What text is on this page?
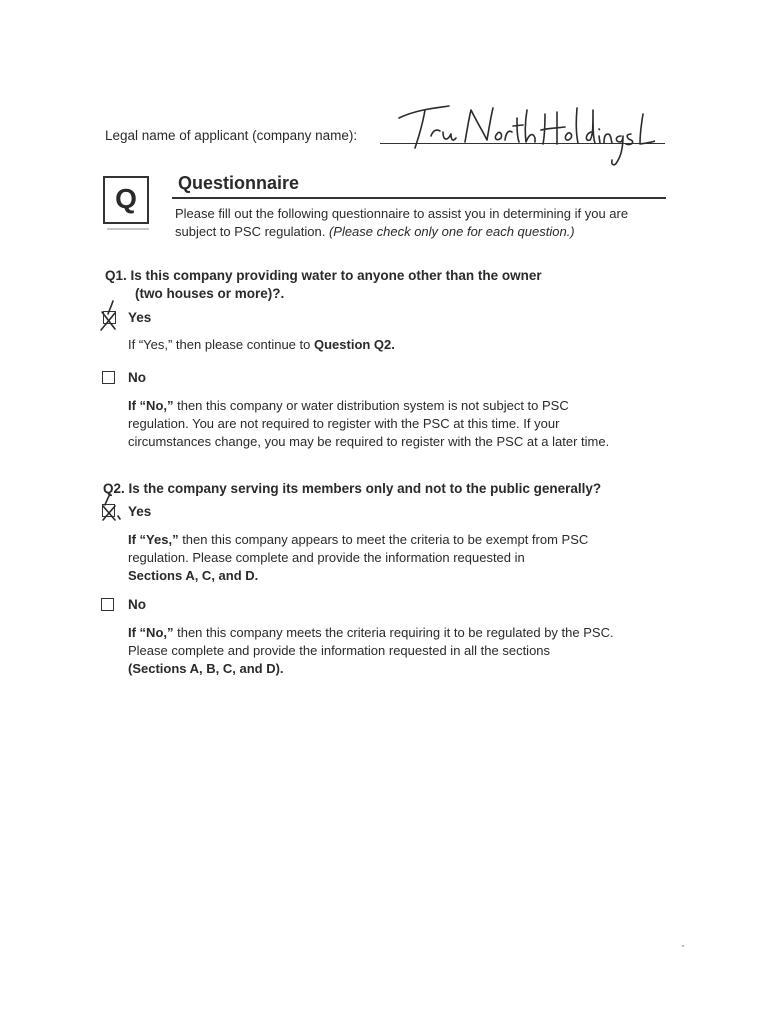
Legal name of applicant (company name):
Q	Questionnaire
Please fill out the following questionnaire to assist you in determining if you are subject to PSC regulation. (Please check only one for each question.)
Q1. Is this company providing water to anyone other than the owner
(two houses or more)?.
Yes
If “Yes,” then please continue to Question Q2.
No
If “No,” then this company or water distribution system is not subject to PSC
regulation. You are not required to register with the PSC at this time. If your
circumstances change, you may be required to register with the PSC at a later time.
Q2. Is the company serving its members only and not to the public generally?
Yes
If “Yes,” then this company appears to meet the criteria to be exempt from PSC
regulation. Please complete and provide the information requested in
Sections A, C, and D.
No
If “No,” then this company meets the criteria requiring it to be regulated by the PSC.
Please complete and provide the information requested in all the sections
(Sections A, B, C, and D).
